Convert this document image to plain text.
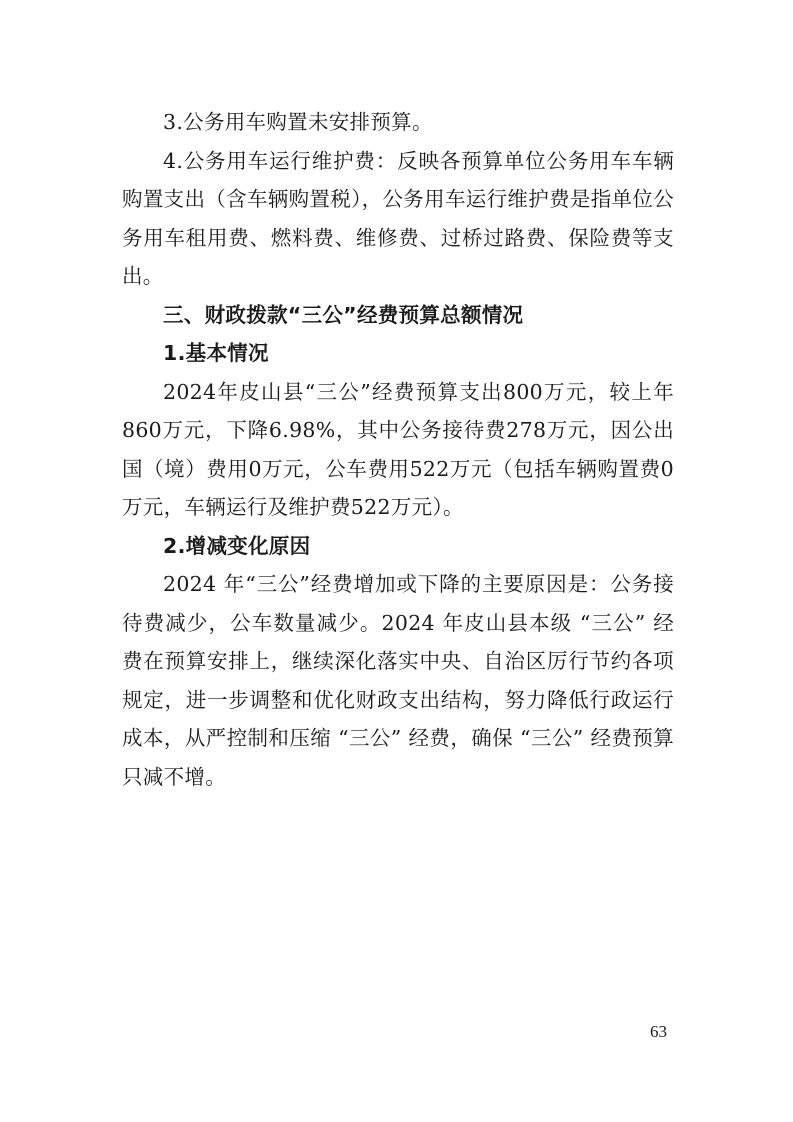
3.公务用车购置未安排预算。

4.公务用车运行维护费：反映各预算单位公务用车车辆购置支出（含车辆购置税），公务用车运行维护费是指单位公务用车租用费、燃料费、维修费、过桥过路费、保险费等支出。

三、财政拨款“三公”经费预算总额情况

1.基本情况

2024年皮山县“三公”经费预算支出800万元，较上年860万元，下降6.98%，其中公务接待费278万元，因公出国（境）费用0万元，公车费用522万元（包括车辆购置费0万元，车辆运行及维护费522万元）。

2.增减变化原因

2024 年“三公”经费增加或下降的主要原因是：公务接待费减少，公车数量减少。2024 年皮山县本级 “三公” 经费在预算安排上，继续深化落实中央、自治区厉行节约各项规定，进一步调整和优化财政支出结构，努力降低行政运行成本，从严控制和压缩 “三公” 经费，确保 “三公” 经费预算只减不增。

63
